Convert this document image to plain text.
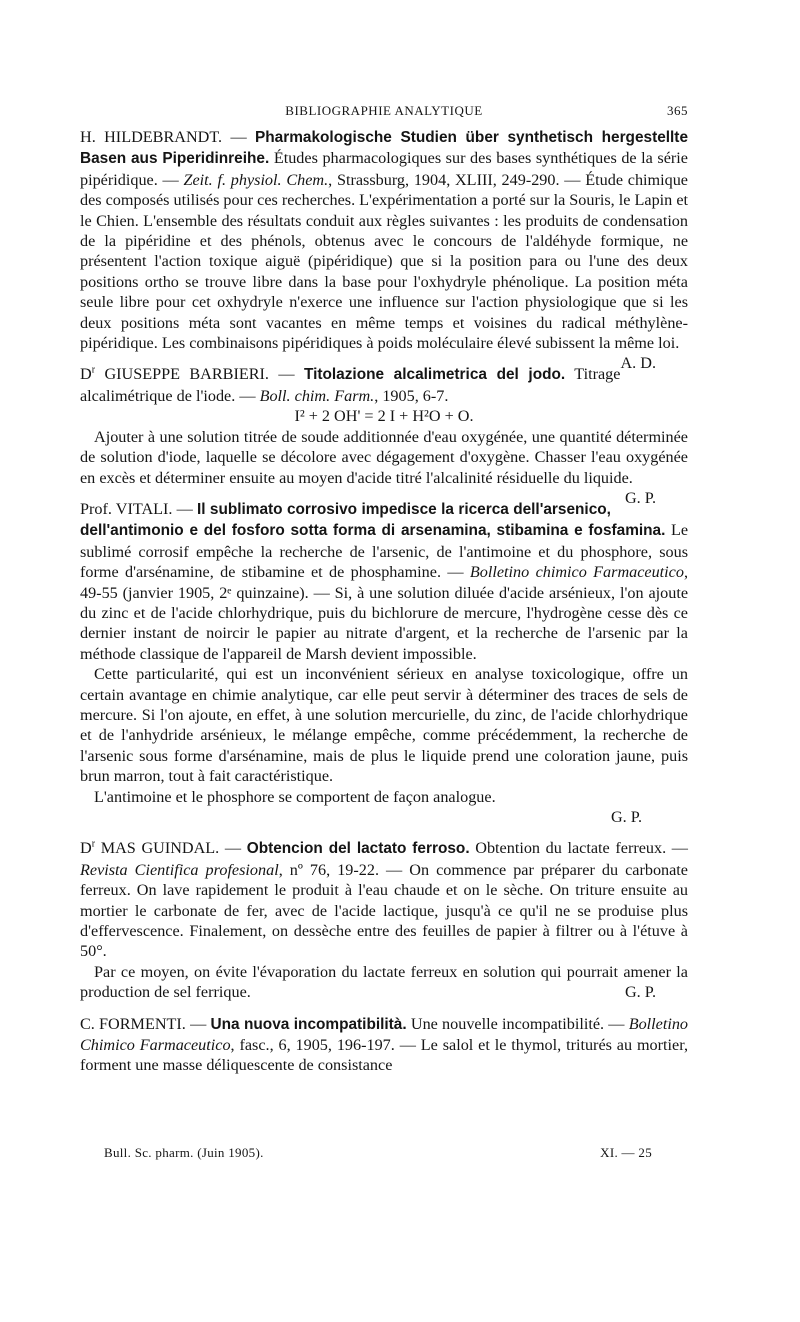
BIBLIOGRAPHIE ANALYTIQUE	365

H. HILDEBRANDT. — Pharmakologische Studien über synthetisch hergestellte Basen aus Piperidinreihe. Études pharmacologiques sur des bases synthétiques de la série pipéridique. — Zeit. f. physiol. Chem., Strassburg, 1904, XLIII, 249-290. — Étude chimique des composés utilisés pour ces recherches. L'expérimentation a porté sur la Souris, le Lapin et le Chien. L'ensemble des résultats conduit aux règles suivantes : les produits de condensation de la pipéridine et des phénols, obtenus avec le concours de l'aldéhyde formique, ne présentent l'action toxique aiguë (pipéridique) que si la position para ou l'une des deux positions ortho se trouve libre dans la base pour l'oxhydryle phénolique. La position méta seule libre pour cet oxhydryle n'exerce une influence sur l'action physiologique que si les deux positions méta sont vacantes en même temps et voisines du radical méthylène-pipéridique. Les combinaisons pipéridiques à poids moléculaire élevé subissent la même loi.
A. D.

$D^r$ GIUSEPPE BARBIERI. — Titolazione alcalimetrica del jodo. Titrage alcalimétrique de l'iode. — Boll. chim. Farm., 1905, 6-7.

I² + 2 OH' = 2 I + H²O + O.

Ajouter à une solution titrée de soude additionnée d'eau oxygénée, une quantité déterminée de solution d'iode, laquelle se décolore avec dégagement d'oxygène. Chasser l'eau oxygénée en excès et déterminer ensuite au moyen d'acide titré l'alcalinité résiduelle du liquide.
G. P.

Prof. VITALI. — Il sublimato corrosivo impedisce la ricerca dell'arsenico, dell'antimonio e del fosforo sotta forma di arsenamina, stibamina e fosfamina. Le sublimé corrosif empêche la recherche de l'arsenic, de l'antimoine et du phosphore, sous forme d'arsénamine, de stibamine et de phosphamine. — Bolletino chimico Farmaceutico, 49-55 (janvier 1905, 2ᵉ quinzaine). — Si, à une solution diluée d'acide arsénieux, l'on ajoute du zinc et de l'acide chlorhydrique, puis du bichlorure de mercure, l'hydrogène cesse dès ce dernier instant de noircir le papier au nitrate d'argent, et la recherche de l'arsenic par la méthode classique de l'appareil de Marsh devient impossible.

Cette particularité, qui est un inconvénient sérieux en analyse toxicologique, offre un certain avantage en chimie analytique, car elle peut servir à déterminer des traces de sels de mercure. Si l'on ajoute, en effet, à une solution mercurielle, du zinc, de l'acide chlorhydrique et de l'anhydride arsénieux, le mélange empêche, comme précédemment, la recherche de l'arsenic sous forme d'arsénamine, mais de plus le liquide prend une coloration jaune, puis brun marron, tout à fait caractéristique.

L'antimoine et le phosphore se comportent de façon analogue.

G. P.

$D^r$ MAS GUINDAL. — Obtencion del lactato ferroso. Obtention du lactate ferreux. — Revista Cientifica profesional, nº 76, 19-22. — On commence par préparer du carbonate ferreux. On lave rapidement le produit à l'eau chaude et on le sèche. On triture ensuite au mortier le carbonate de fer, avec de l'acide lactique, jusqu'à ce qu'il ne se produise plus d'effervescence. Finalement, on dessèche entre des feuilles de papier à filtrer ou à l'étuve à 50°.

Par ce moyen, on évite l'évaporation du lactate ferreux en solution qui pourrait amener la production de sel ferrique.	G. P.

C. FORMENTI. — Una nuova incompatibilità. Une nouvelle incompatibilité. — Bolletino Chimico Farmaceutico, fasc., 6, 1905, 196-197. — Le salol et le thymol, triturés au mortier, forment une masse déliquescente de consistance

Bull. Sc. pharm. (Juin 1905).	XI. — 25
